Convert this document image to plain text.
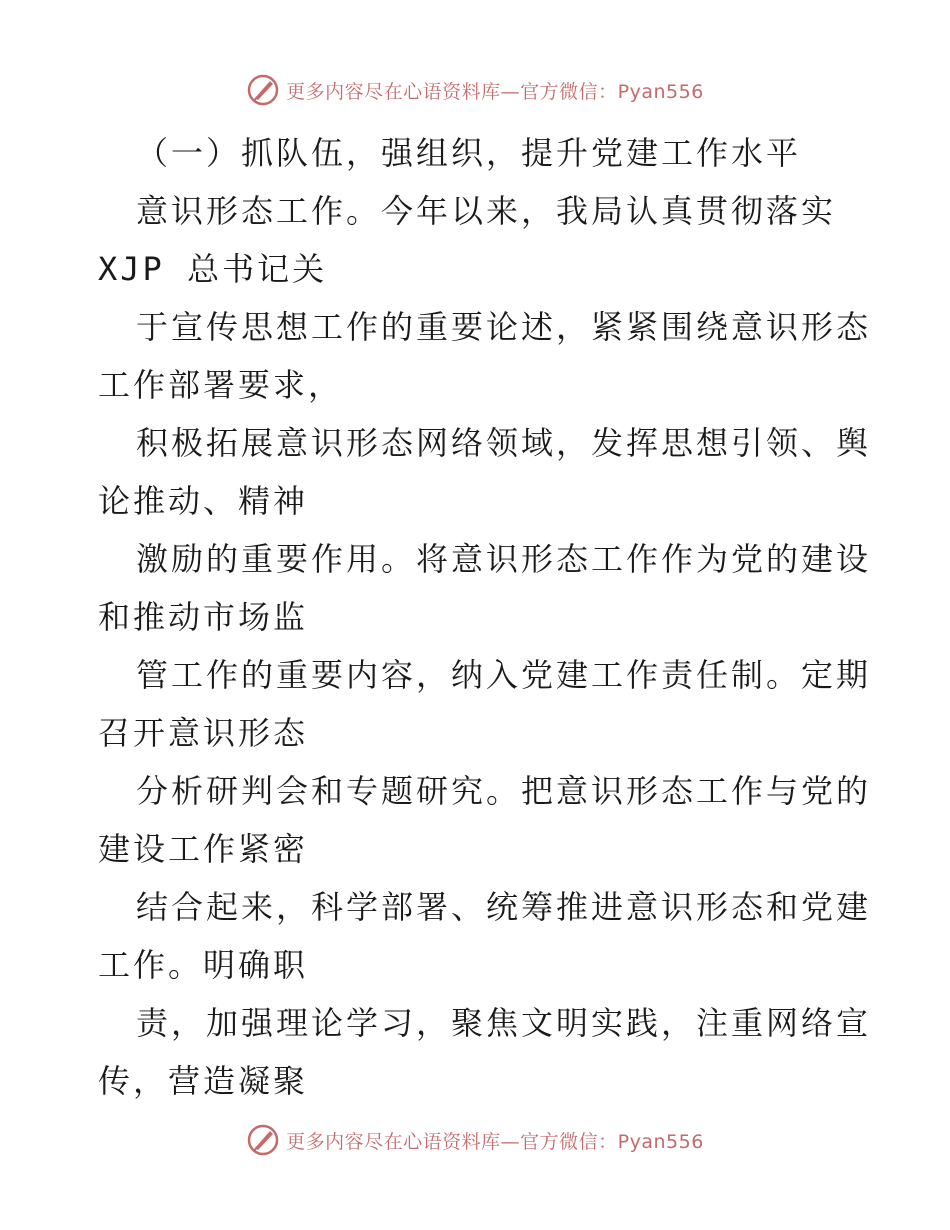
更多内容尽在心语资料库—官方微信：Pyan556
（一）抓队伍，强组织，提升党建工作水平
意识形态工作。今年以来，我局认真贯彻落实
XJP 总书记关
于宣传思想工作的重要论述，紧紧围绕意识形态
工作部署要求，
积极拓展意识形态网络领域，发挥思想引领、舆
论推动、精神
激励的重要作用。将意识形态工作作为党的建设
和推动市场监
管工作的重要内容，纳入党建工作责任制。定期
召开意识形态
分析研判会和专题研究。把意识形态工作与党的
建设工作紧密
结合起来，科学部署、统筹推进意识形态和党建
工作。明确职
责，加强理论学习，聚焦文明实践，注重网络宣
传，营造凝聚
更多内容尽在心语资料库—官方微信：Pyan556
